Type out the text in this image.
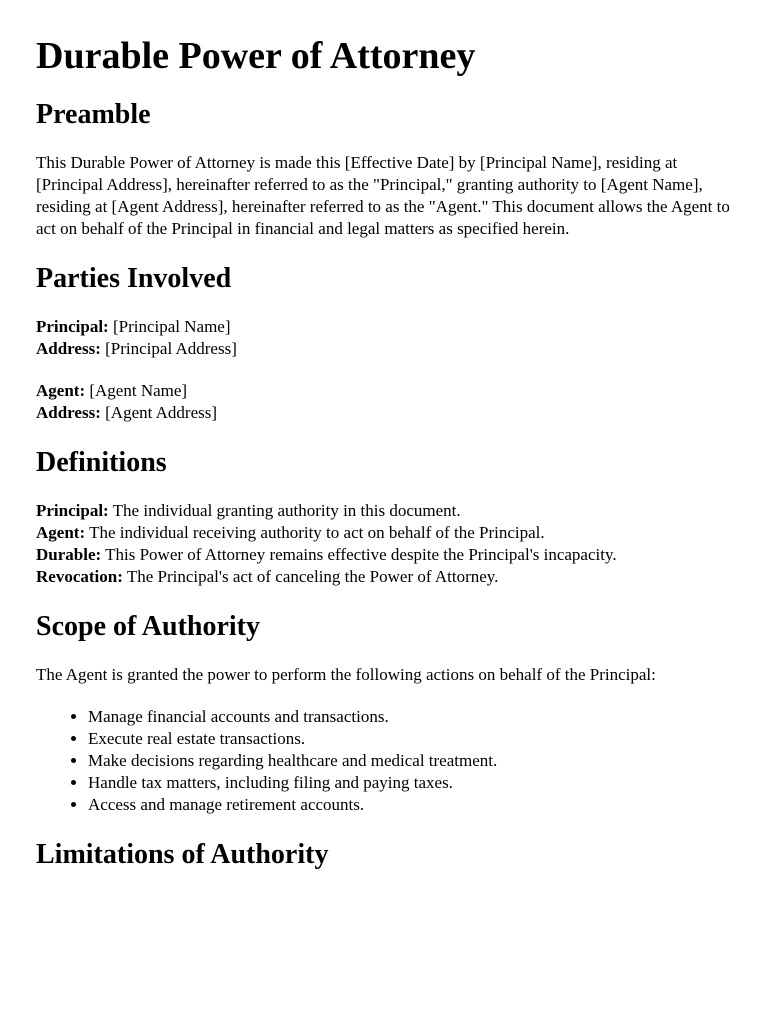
Durable Power of Attorney
Preamble

This Durable Power of Attorney is made this [Effective Date] by [Principal Name], residing at [Principal Address], hereinafter referred to as the "Principal," granting authority to [Agent Name], residing at [Agent Address], hereinafter referred to as the "Agent." This document allows the Agent to act on behalf of the Principal in financial and legal matters as specified herein.

Parties Involved
Principal: [Principal Name]
Address: [Principal Address]
Agent: [Agent Name]
Address: [Agent Address]
Definitions
Principal: The individual granting authority in this document.
Agent: The individual receiving authority to act on behalf of the Principal.
Durable: This Power of Attorney remains effective despite the Principal's incapacity.
Revocation: The Principal's act of canceling the Power of Attorney.
Scope of Authority

The Agent is granted the power to perform the following actions on behalf of the Principal:

• Manage financial accounts and transactions.
• Execute real estate transactions.
• Make decisions regarding healthcare and medical treatment.
• Handle tax matters, including filing and paying taxes.
• Access and manage retirement accounts.
Limitations of Authority
